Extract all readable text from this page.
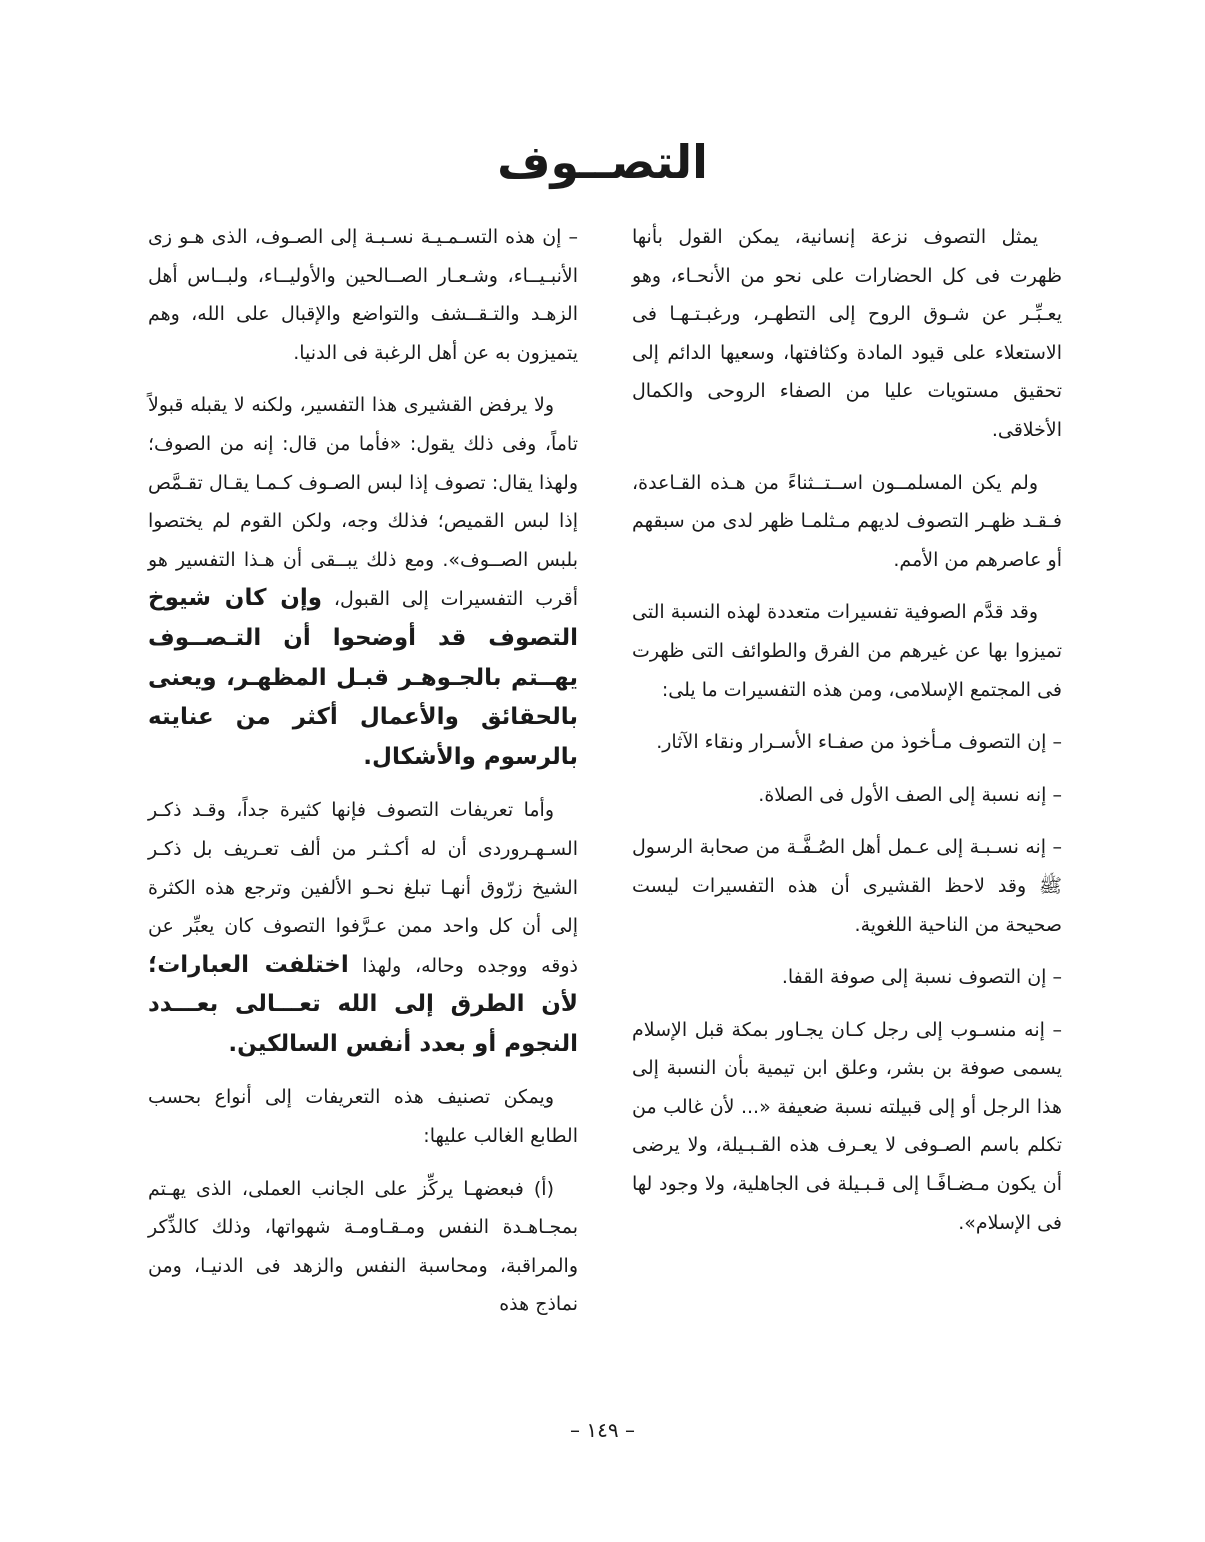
التصــوف

يمثل التصوف نزعة إنسانية، يمكن القول بأنها ظهرت فى كل الحضارات على نحو من الأنحـاء، وهو يعـبِّـر عن شـوق الروح إلى التطهـر، ورغبـتـهـا فى الاستعلاء على قيود المادة وكثافتها، وسعيها الدائم إلى تحقيق مستويات عليا من الصفاء الروحى والكمال الأخلاقى.

ولم يكن المسلمــون اســتــثناءً من هـذه القـاعدة، فـقـد ظهـر التصوف لديهم مـثلمـا ظهر لدى من سبقهم أو عاصرهم من الأمم.

وقد قدَّم الصوفية تفسيرات متعددة لهذه النسبة التى تميزوا بها عن غيرهم من الفرق والطوائف التى ظهرت فى المجتمع الإسلامى، ومن هذه التفسيرات ما يلى:

– إن التصوف مـأخوذ من صفـاء الأسـرار ونقاء الآثار.

– إنه نسبة إلى الصف الأول فى الصلاة.

– إنه نسـبـة إلى عـمل أهل الصُـفَّـة من صحابة الرسول ﷺ وقد لاحظ القشيرى أن هذه التفسيرات ليست صحيحة من الناحية اللغوية.

– إن التصوف نسبة إلى صوفة القفا.

– إنه منسـوب إلى رجل كـان يجـاور بمكة قبل الإسلام يسمى صوفة بن بشر، وعلق ابن تيمية بأن النسبة إلى هذا الرجل أو إلى قبيلته نسبة ضعيفة «... لأن غالب من تكلم باسم الصـوفى لا يعـرف هذه القـبـيلة، ولا يرضى أن يكون مـضـافًـا إلى قـبـيلة فى الجاهلية، ولا وجود لها فى الإسلام».

– إن هذه التسـمـيـة نسـبـة إلى الصـوف، الذى هـو زى الأنبـيــاء، وشـعـار الصــالحين والأوليــاء، ولبــاس أهل الزهـد والتـقــشف والتواضع والإقبال على الله، وهم يتميزون به عن أهل الرغبة فى الدنيا.

ولا يرفض القشيرى هذا التفسير، ولكنه لا يقبله قبولاً تاماً، وفى ذلك يقول: «فأما من قال: إنه من الصوف؛ ولهذا يقال: تصوف إذا لبس الصـوف كـمـا يقـال تقـمَّص إذا لبس القميص؛ فذلك وجه، ولكن القوم لم يختصوا بلبس الصــوف». ومع ذلك يبــقى أن هـذا التفسير هو أقرب التفسيرات إلى القبول، وإن كان شيوخ التصوف قد أوضحوا أن التـصــوف يهــتم بالجـوهـر قبـل المظهـر، ويعنى بالحقائق والأعمال أكثر من عنايته بالرسوم والأشكال.

وأما تعريفات التصوف فإنها كثيرة جداً، وقـد ذكـر السـهـروردى أن له أكـثـر من ألف تعـريف بل ذكـر الشيخ زرّوق أنهـا تبلغ نحـو الألفين وترجع هذه الكثرة إلى أن كل واحد ممن عـرَّفوا التصوف كان يعبِّر عن ذوقه ووجده وحاله، ولهذا اختلفت العبارات؛ لأن الطرق إلى الله تعـــالى بعـــدد النجوم أو بعدد أنفس السالكين.

ويمكن تصنيف هذه التعريفات إلى أنواع بحسب الطابع الغالب عليها:

(أ) فبعضهـا يركِّز على الجانب العملى، الذى يهـتم بمجـاهـدة النفس ومـقـاومـة شهواتها، وذلك كالذِّكر والمراقبة، ومحاسبة النفس والزهد فى الدنيـا، ومن نماذج هذه

– ١٤٩ –
